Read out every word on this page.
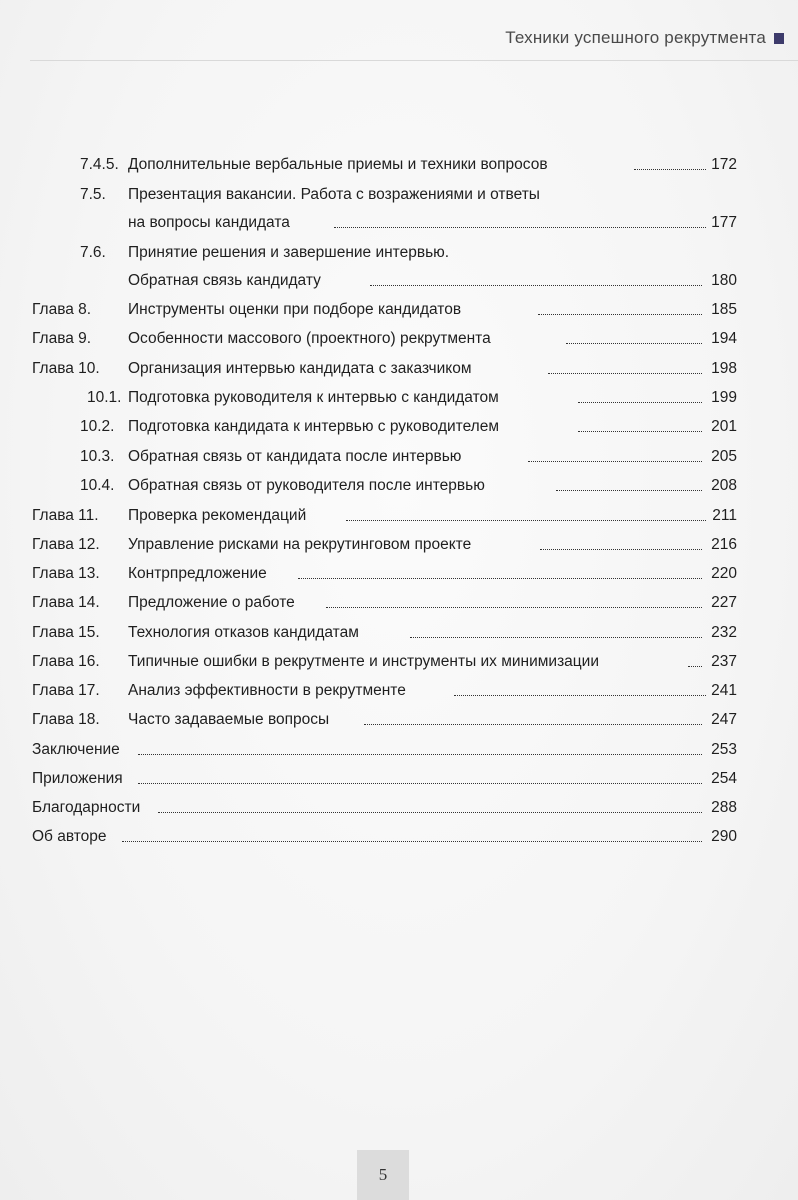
Техники успешного рекрутмента
7.4.5. Дополнительные вербальные приемы и техники вопросов	172
7.5. Презентация вакансии. Работа с возражениями и ответы
на вопросы кандидата	177
7.6. Принятие решения и завершение интервью.
Обратная связь кандидату	180
Глава 8. Инструменты оценки при подборе кандидатов	185
Глава 9. Особенности массового (проектного) рекрутмента	194
Глава 10. Организация интервью кандидата с заказчиком	198
10.1. Подготовка руководителя к интервью с кандидатом	199
10.2. Подготовка кандидата к интервью с руководителем	201
10.3. Обратная связь от кандидата после интервью	205
10.4. Обратная связь от руководителя после интервью	208
Глава 11. Проверка рекомендаций	211
Глава 12. Управление рисками на рекрутинговом проекте	216
Глава 13. Контрпредложение	220
Глава 14. Предложение о работе	227
Глава 15. Технология отказов кандидатам	232
Глава 16. Типичные ошибки в рекрутменте и инструменты их минимизации	237
Глава 17. Анализ эффективности в рекрутменте	241
Глава 18. Часто задаваемые вопросы	247
Заключение	253
Приложения	254
Благодарности	288
Об авторе	290
5
